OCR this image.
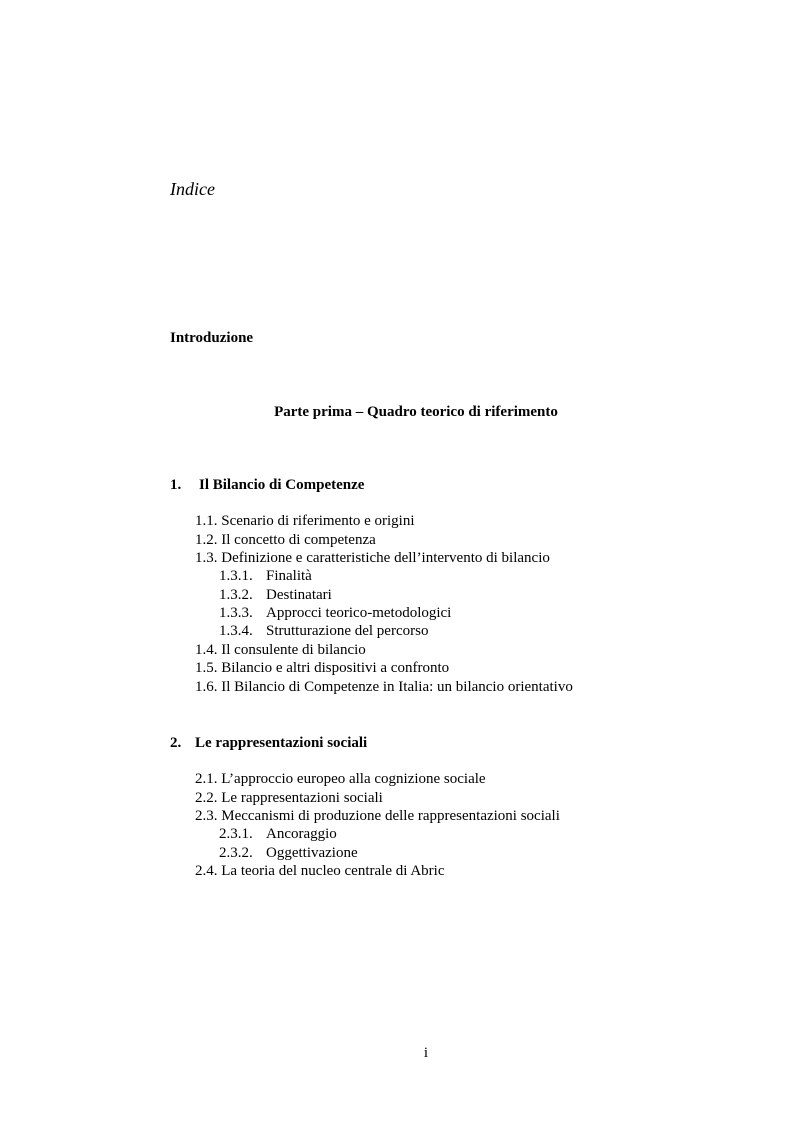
Indice
Introduzione
Parte prima – Quadro teorico di riferimento
1. Il Bilancio di Competenze
1.1. Scenario di riferimento e origini
1.2. Il concetto di competenza
1.3. Definizione e caratteristiche dell’intervento di bilancio
1.3.1. Finalità
1.3.2. Destinatari
1.3.3. Approcci teorico-metodologici
1.3.4. Strutturazione del percorso
1.4. Il consulente di bilancio
1.5. Bilancio e altri dispositivi a confronto
1.6. Il Bilancio di Competenze in Italia: un bilancio orientativo
2. Le rappresentazioni sociali
2.1. L’approccio europeo alla cognizione sociale
2.2. Le rappresentazioni sociali
2.3. Meccanismi di produzione delle rappresentazioni sociali
2.3.1. Ancoraggio
2.3.2. Oggettivazione
2.4. La teoria del nucleo centrale di Abric
i
